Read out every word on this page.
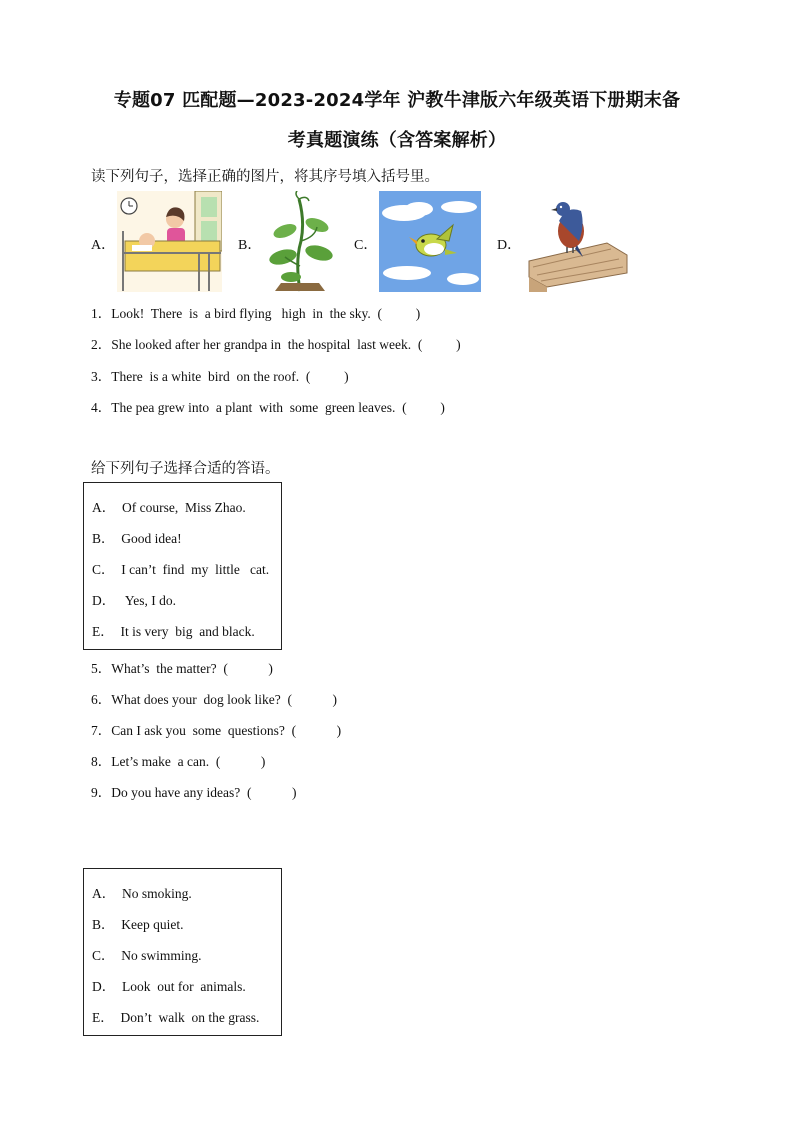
专题07 匹配题—2023-2024学年 沪教牛津版六年级英语下册期末备
考真题演练（含答案解析）
读下列句子，选择正确的图片，将其序号填入括号里。
A．	B．	C．	D．
1．Look!  There  is  a bird flying   high  in  the sky.  (          )
2．She looked after her grandpa in  the hospital  last week.  (          )
3．There  is a white  bird  on the roof.  (          )
4．The pea grew into  a plant  with  some  green leaves.  (          )
给下列句子选择合适的答语。
A．  Of course,  Miss Zhao.
B．  Good idea!
C．  I can’t  find  my  little   cat.
D．   Yes, I do.
E．  It is very  big  and black.
5．What’s  the matter?  (            )
6．What does your  dog look like?  (            )
7．Can I ask you  some  questions?  (            )
8．Let’s make  a can.  (            )
9．Do you have any ideas?  (            )
A．  No smoking.
B．  Keep quiet.
C．  No swimming.
D．  Look  out for  animals.
E．  Don’t  walk  on the grass.
